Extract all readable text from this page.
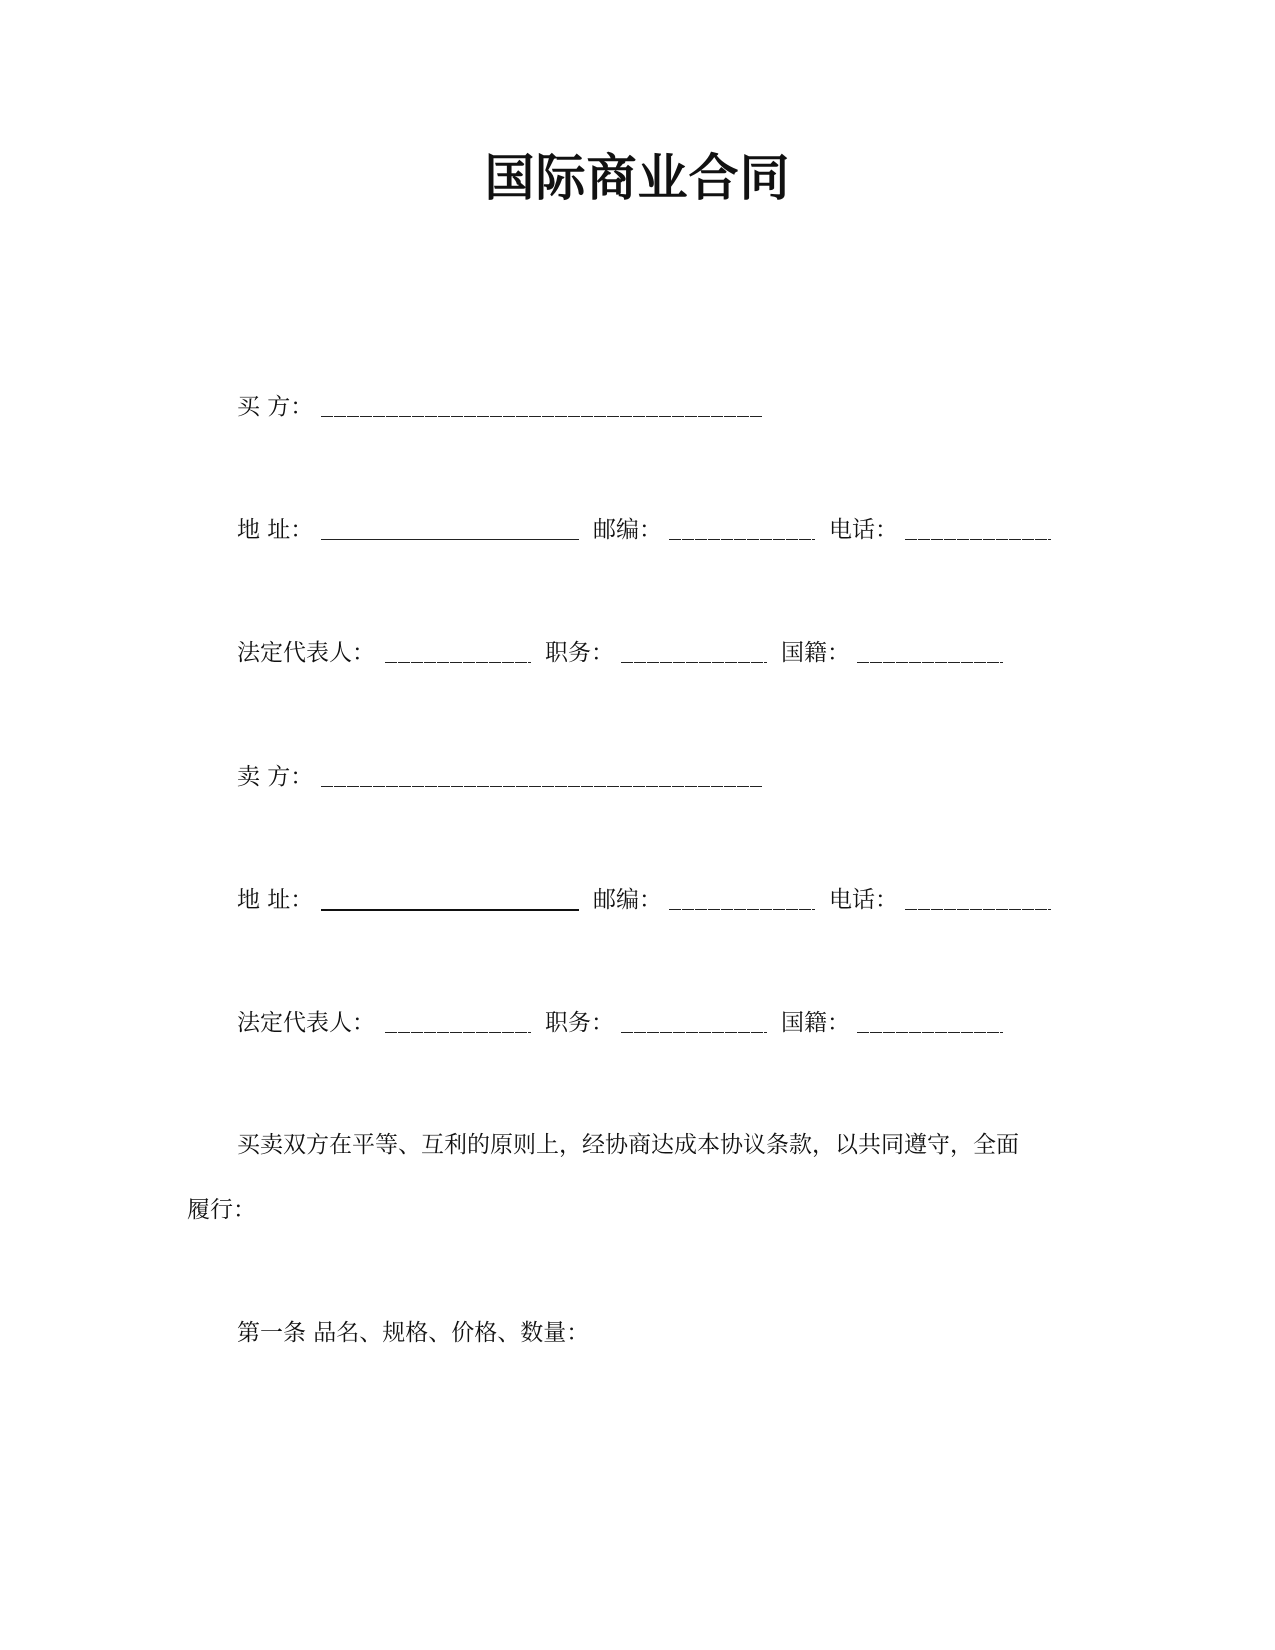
国际商业合同
买 方：
地 址：	邮编：	电话：
法定代表人：	职务：	国籍：
卖 方：
地 址：	邮编：	电话：
法定代表人：	职务：	国籍：
买卖双方在平等、互利的原则上，经协商达成本协议条款，以共同遵守，全面
履行：
第一条 品名、规格、价格、数量：
